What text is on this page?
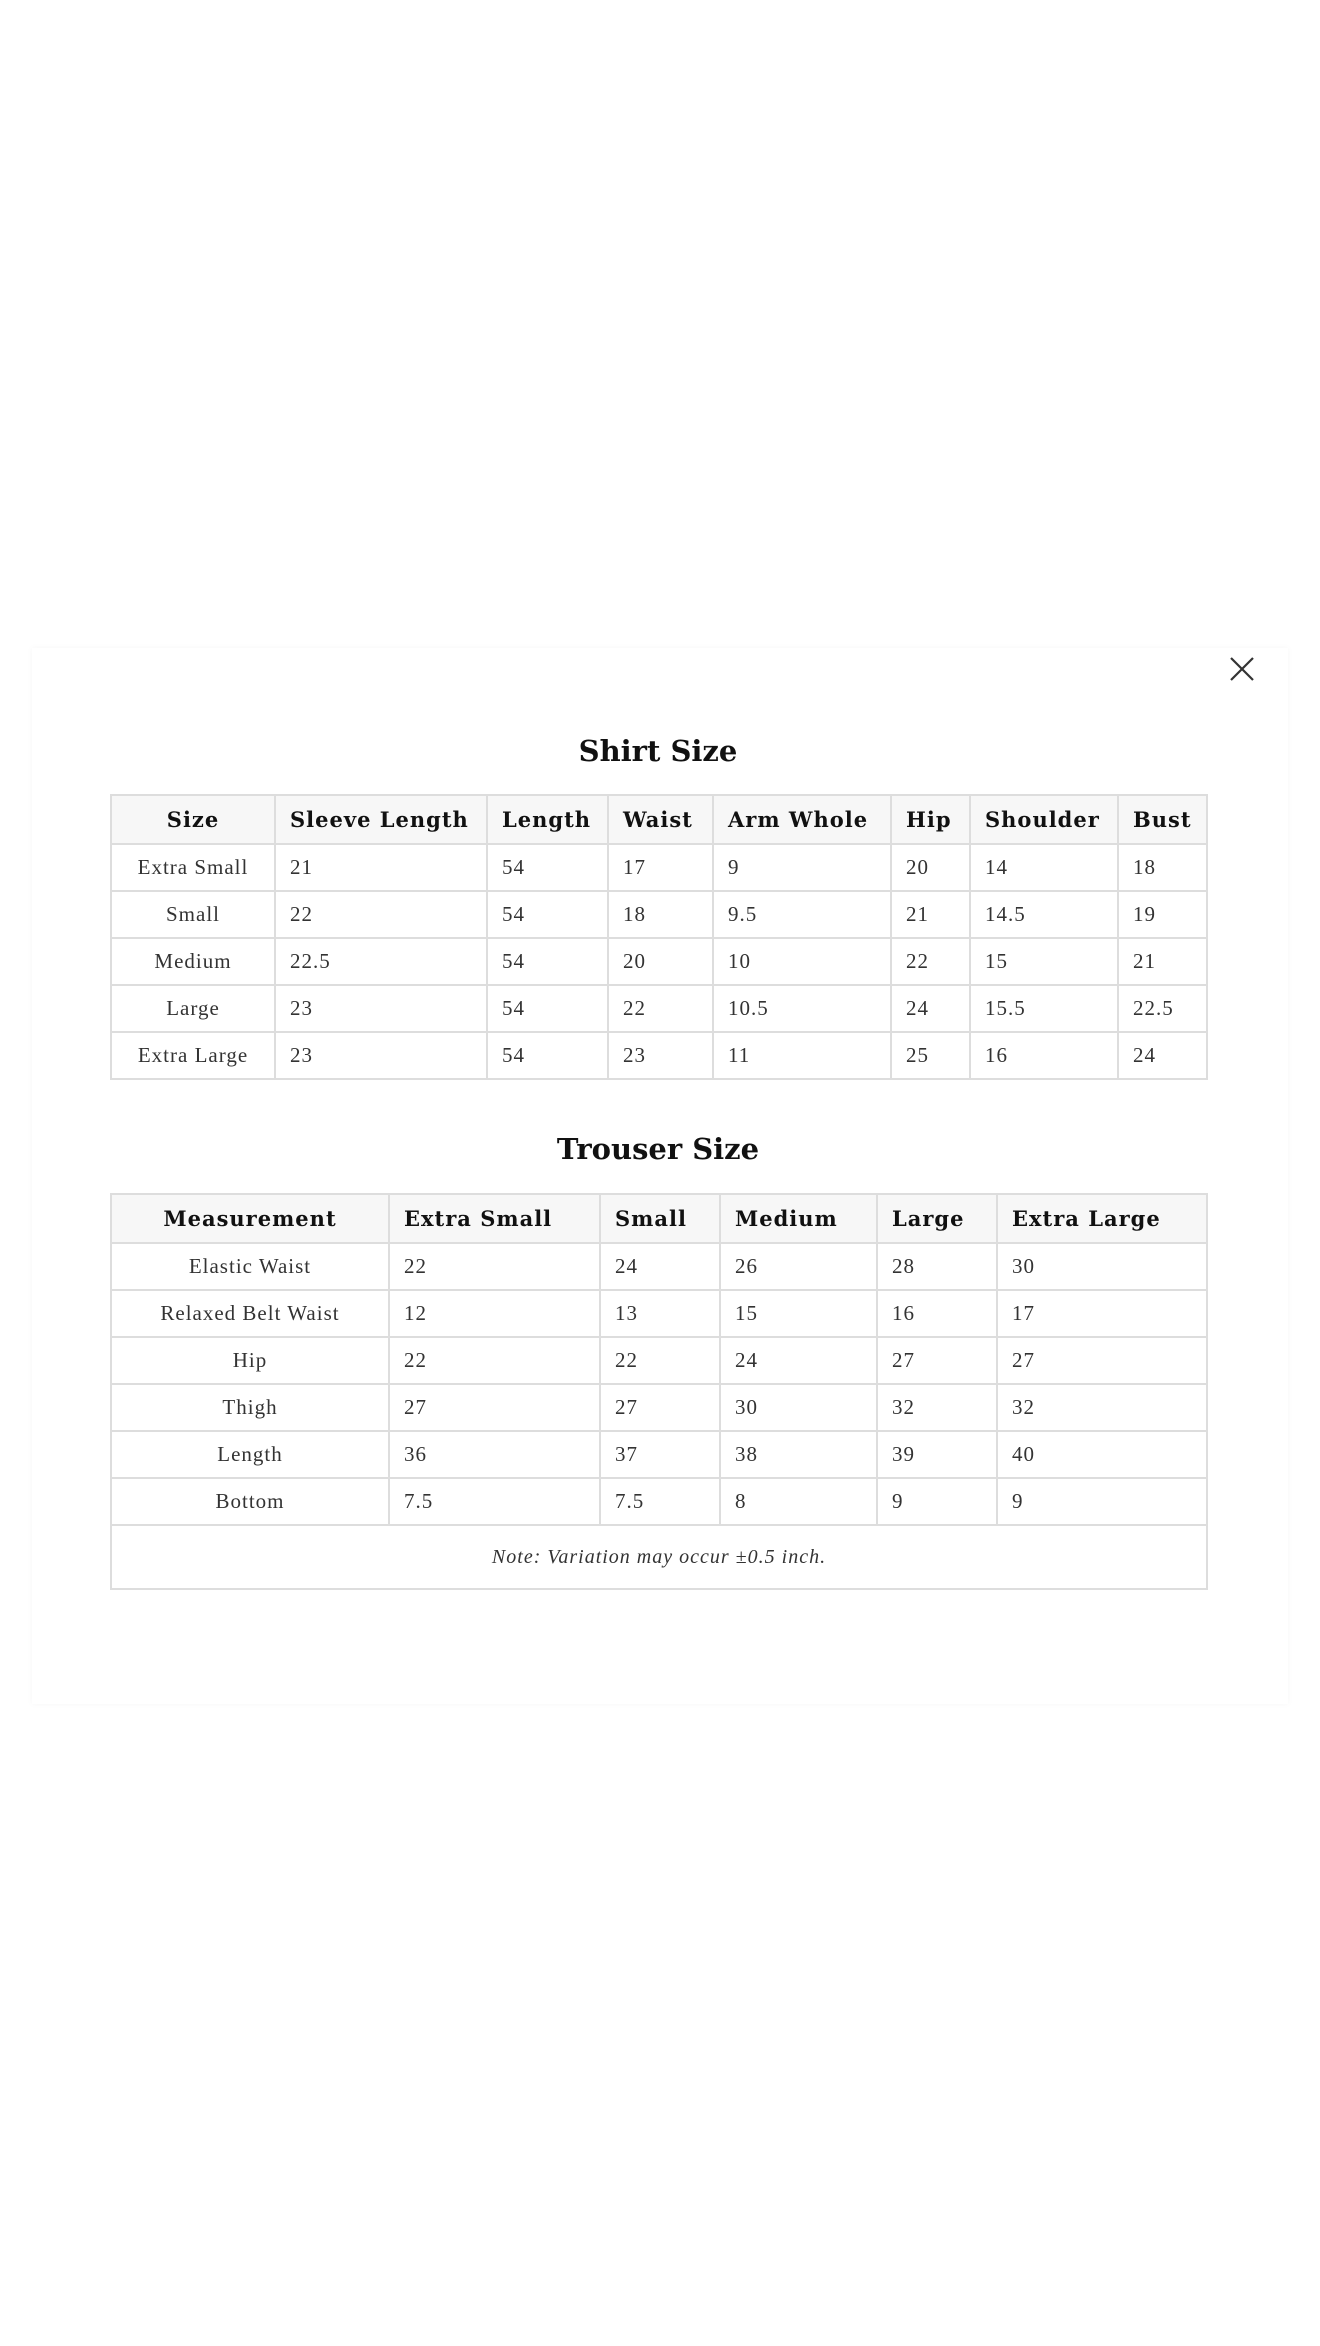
Shirt Size
Size	Sleeve Length	Length	Waist	Arm Whole	Hip	Shoulder	Bust
Extra Small	21	54	17	9	20	14	18
Small	22	54	18	9.5	21	14.5	19
Medium	22.5	54	20	10	22	15	21
Large	23	54	22	10.5	24	15.5	22.5
Extra Large	23	54	23	11	25	16	24
Trouser Size
Measurement	Extra Small	Small	Medium	Large	Extra Large
Elastic Waist	22	24	26	28	30
Relaxed Belt Waist	12	13	15	16	17
Hip	22	22	24	27	27
Thigh	27	27	30	32	32
Length	36	37	38	39	40
Bottom	7.5	7.5	8	9	9
Note: Variation may occur ±0.5 inch.					
